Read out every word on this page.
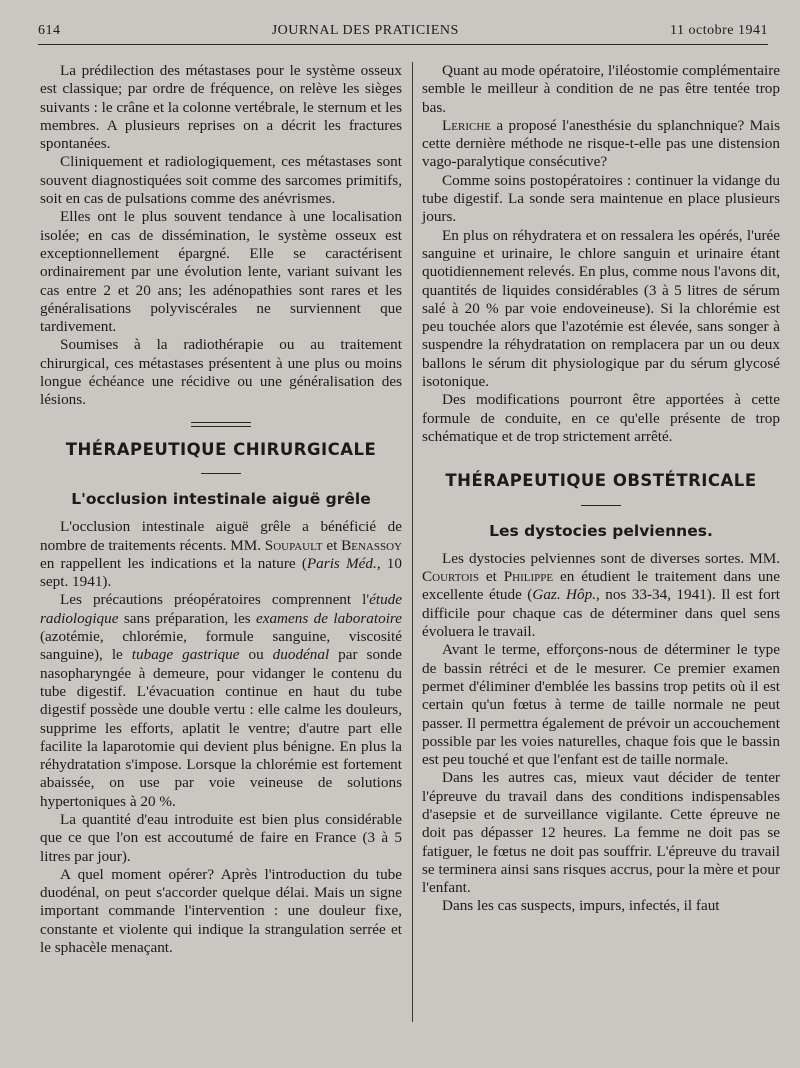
614	JOURNAL DES PRATICIENS	11 octobre 1941

La prédilection des métastases pour le système osseux est classique; par ordre de fréquence, on relève les sièges suivants : le crâne et la colonne vertébrale, le sternum et les membres. A plusieurs reprises on a décrit les fractures spontanées.

Cliniquement et radiologiquement, ces métastases sont souvent diagnostiquées soit comme des sarcomes primitifs, soit en cas de pulsations comme des anévrismes.

Elles ont le plus souvent tendance à une localisation isolée; en cas de dissémination, le système osseux est exceptionnellement épargné. Elle se caractérisent ordinairement par une évolution lente, variant suivant les cas entre 2 et 20 ans; les adénopathies sont rares et les généralisations polyviscérales ne surviennent que tardivement.

Soumises à la radiothérapie ou au traitement chirurgical, ces métastases présentent à une plus ou moins longue échéance une récidive ou une généralisation des lésions.

THÉRAPEUTIQUE CHIRURGICALE
L'occlusion intestinale aiguë grêle

L'occlusion intestinale aiguë grêle a bénéficié de nombre de traitements récents. MM. Soupault et Benassoy en rappellent les indications et la nature (Paris Méd., 10 sept. 1941).

Les précautions préopératoires comprennent l'étude radiologique sans préparation, les examens de laboratoire (azotémie, chlorémie, formule sanguine, viscosité sanguine), le tubage gastrique ou duodénal par sonde nasopharyngée à demeure, pour vidanger le contenu du tube digestif. L'évacuation continue en haut du tube digestif possède une double vertu : elle calme les douleurs, supprime les efforts, aplatit le ventre; d'autre part elle facilite la laparotomie qui devient plus bénigne. En plus la réhydratation s'impose. Lorsque la chlorémie est fortement abaissée, on use par voie veineuse de solutions hypertoniques à 20 %.

La quantité d'eau introduite est bien plus considérable que ce que l'on est accoutumé de faire en France (3 à 5 litres par jour).

A quel moment opérer? Après l'introduction du tube duodénal, on peut s'accorder quelque délai. Mais un signe important commande l'intervention : une douleur fixe, constante et violente qui indique la strangulation serrée et le sphacèle menaçant.

Quant au mode opératoire, l'iléostomie complémentaire semble le meilleur à condition de ne pas être tentée trop bas.

Leriche a proposé l'anesthésie du splanchnique? Mais cette dernière méthode ne risque-t-elle pas une distension vago-paralytique consécutive?

Comme soins postopératoires : continuer la vidange du tube digestif. La sonde sera maintenue en place plusieurs jours.

En plus on réhydratera et on ressalera les opérés, l'urée sanguine et urinaire, le chlore sanguin et urinaire étant quotidiennement relevés. En plus, comme nous l'avons dit, quantités de liquides considérables (3 à 5 litres de sérum salé à 20 % par voie endoveineuse). Si la chlorémie est peu touchée alors que l'azotémie est élevée, sans songer à suspendre la réhydratation on remplacera par un ou deux ballons le sérum dit physiologique par du sérum glycosé isotonique.

Des modifications pourront être apportées à cette formule de conduite, en ce qu'elle présente de trop schématique et de trop strictement arrêté.

THÉRAPEUTIQUE OBSTÉTRICALE
Les dystocies pelviennes.

Les dystocies pelviennes sont de diverses sortes. MM. Courtois et Philippe en étudient le traitement dans une excellente étude (Gaz. Hôp., nos 33-34, 1941). Il est fort difficile pour chaque cas de déterminer dans quel sens évoluera le travail.

Avant le terme, efforçons-nous de déterminer le type de bassin rétréci et de le mesurer. Ce premier examen permet d'éliminer d'emblée les bassins trop petits où il est certain qu'un fœtus à terme de taille normale ne peut passer. Il permettra également de prévoir un accouchement possible par les voies naturelles, chaque fois que le bassin est peu touché et que l'enfant est de taille normale.

Dans les autres cas, mieux vaut décider de tenter l'épreuve du travail dans des conditions indispensables d'asepsie et de surveillance vigilante. Cette épreuve ne doit pas dépasser 12 heures. La femme ne doit pas se fatiguer, le fœtus ne doit pas souffrir. L'épreuve du travail se terminera ainsi sans risques accrus, pour la mère et pour l'enfant.

Dans les cas suspects, impurs, infectés, il faut
